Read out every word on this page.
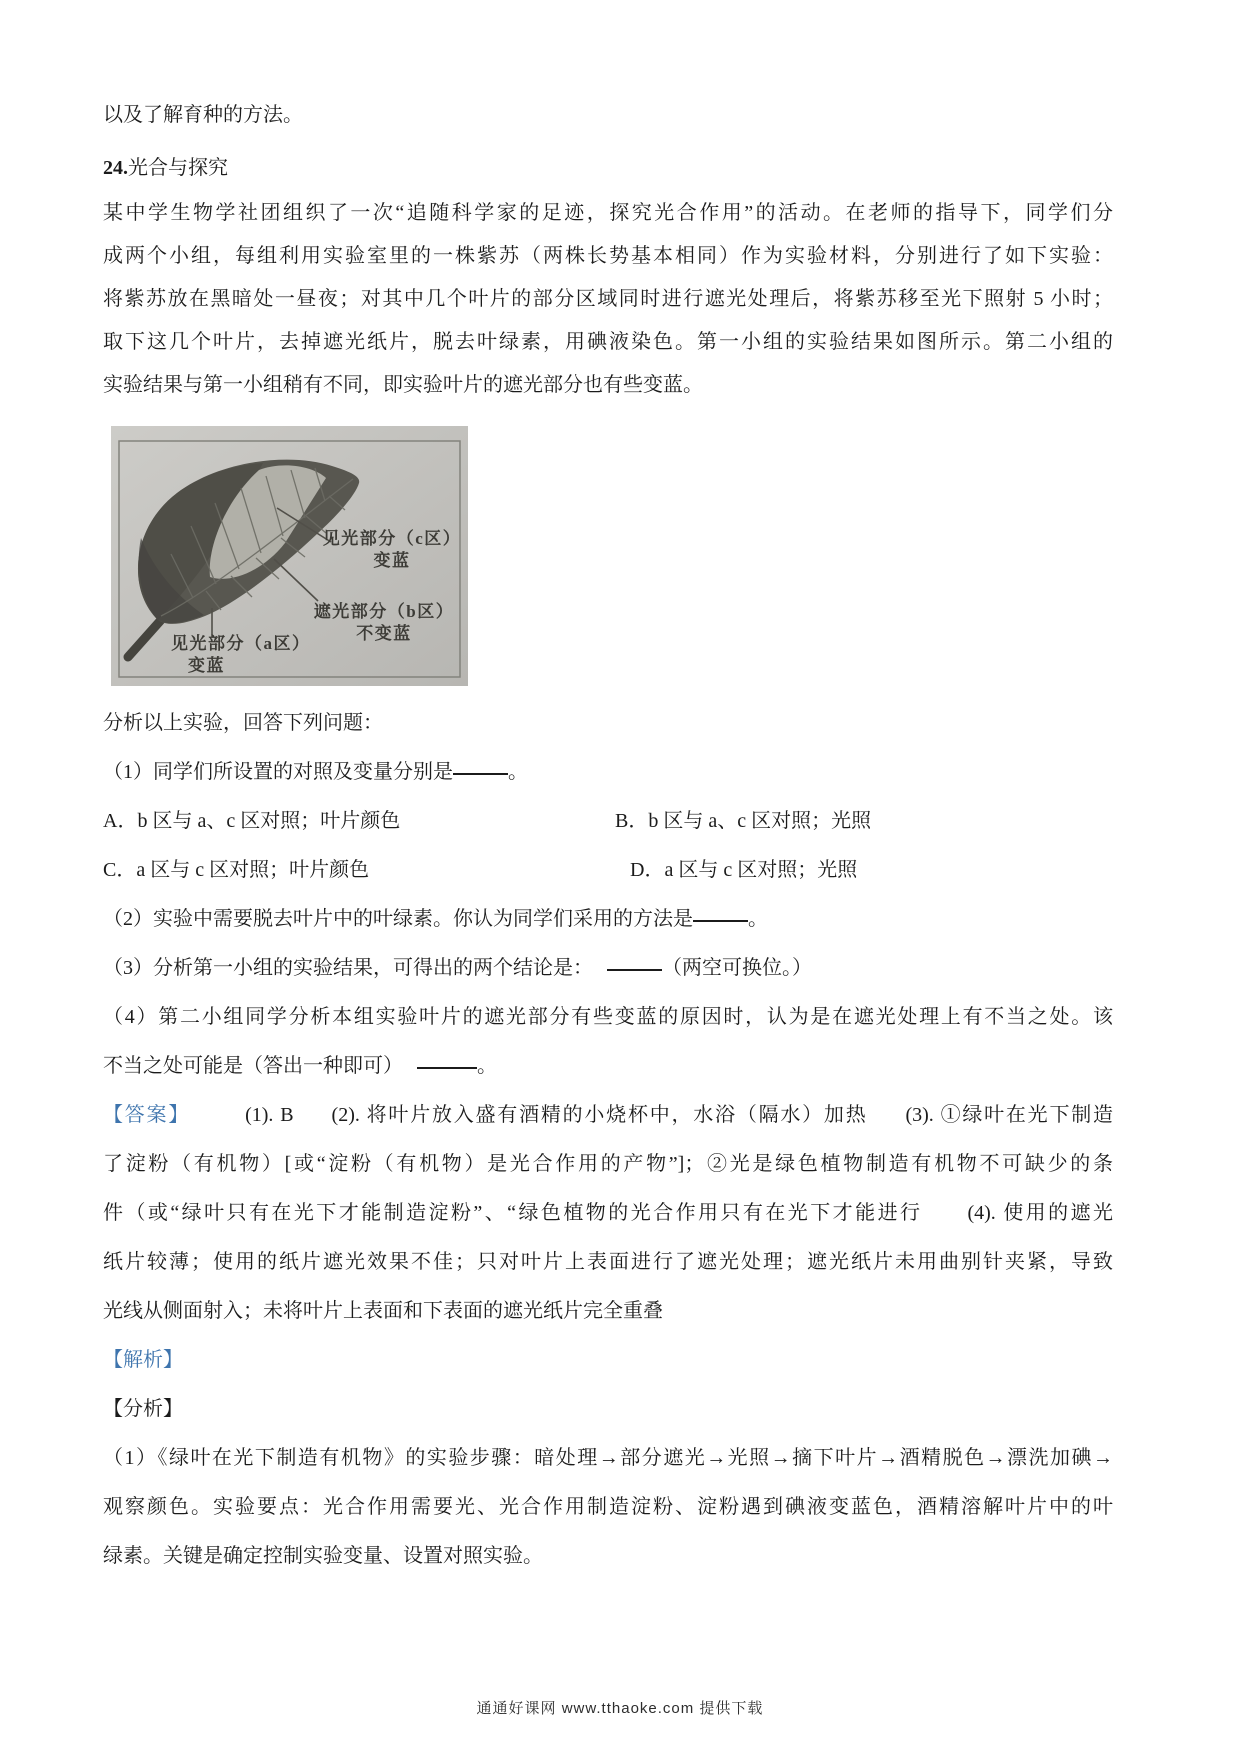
以及了解育种的方法。
24.光合与探究
某中学生物学社团组织了一次“追随科学家的足迹，探究光合作用”的活动。在老师的指导下，同学们分
成两个小组，每组利用实验室里的一株紫苏（两株长势基本相同）作为实验材料，分别进行了如下实验：
将紫苏放在黑暗处一昼夜；对其中几个叶片的部分区域同时进行遮光处理后，将紫苏移至光下照射 5 小时；
取下这几个叶片，去掉遮光纸片，脱去叶绿素，用碘液染色。第一小组的实验结果如图所示。第二小组的
实验结果与第一小组稍有不同，即实验叶片的遮光部分也有些变蓝。
见光部分（c区）
变蓝
遮光部分（b区）
不变蓝
见光部分（a区）
变蓝
分析以上实验，回答下列问题：
（1）同学们所设置的对照及变量分别是	。
A．b 区与 a、c 区对照；叶片颜色	B．b 区与 a、c 区对照；光照
C．a 区与 c 区对照；叶片颜色	D．a 区与 c 区对照；光照
（2）实验中需要脱去叶片中的叶绿素。你认为同学们采用的方法是	。
（3）分析第一小组的实验结果，可得出的两个结论是：	（两空可换位。）
（4）第二小组同学分析本组实验叶片的遮光部分有些变蓝的原因时，认为是在遮光处理上有不当之处。该
不当之处可能是（答出一种即可）	。
【答案】	(1). B (2). 将叶片放入盛有酒精的小烧杯中，水浴（隔水）加热 (3). ①绿叶在光下制造
了淀粉（有机物）[或“淀粉（有机物）是光合作用的产物”]；②光是绿色植物制造有机物不可缺少的条
件（或“绿叶只有在光下才能制造淀粉”、“绿色植物的光合作用只有在光下才能进行 (4). 使用的遮光
纸片较薄；使用的纸片遮光效果不佳；只对叶片上表面进行了遮光处理；遮光纸片未用曲别针夹紧，导致
光线从侧面射入；未将叶片上表面和下表面的遮光纸片完全重叠
【解析】
【分析】
（1）《绿叶在光下制造有机物》的实验步骤：暗处理→部分遮光→光照→摘下叶片→酒精脱色→漂洗加碘→
观察颜色。实验要点：光合作用需要光、光合作用制造淀粉、淀粉遇到碘液变蓝色，酒精溶解叶片中的叶
绿素。关键是确定控制实验变量、设置对照实验。
通通好课网 www.tthaoke.com 提供下载
